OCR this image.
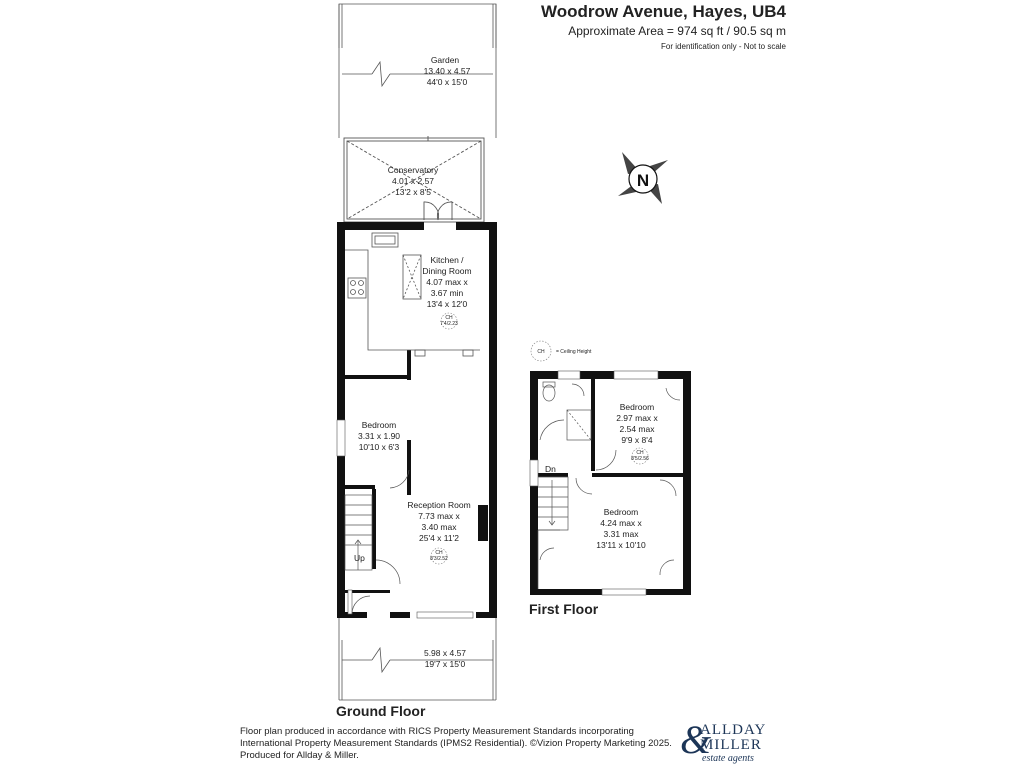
Woodrow Avenue, Hayes, UB4
Approximate Area = 974 sq ft / 90.5 sq m
For identification only - Not to scale
Garden
13.40 x 4.57
44'0 x 15'0
Conservatory
4.01 x 2.57
13'2 x 8'5
Kitchen /
Dining Room
4.07 max x
3.67 min
13'4 x 12'0
CH
7'4/2.23
Bedroom
3.31 x 1.90
10'10 x 6'3
Reception Room
7.73 max x
3.40 max
25'4 x 11'2
CH
8'3/2.52
Up
5.98 x 4.57
19'7 x 15'0
Bedroom
2.97 max x
2.54 max
9'9 x 8'4
CH
8'5/2.56
Dn
Bedroom
4.24 max x
3.31 max
13'11 x 10'10
CH = Ceiling Height
N
Ground Floor
First Floor
Floor plan produced in accordance with RICS Property Measurement Standards incorporating
International Property Measurement Standards (IPMS2 Residential). ©Vizion Property Marketing 2025.
Produced for Allday & Miller.	&
ALLDAY
MILLER
estate agents
